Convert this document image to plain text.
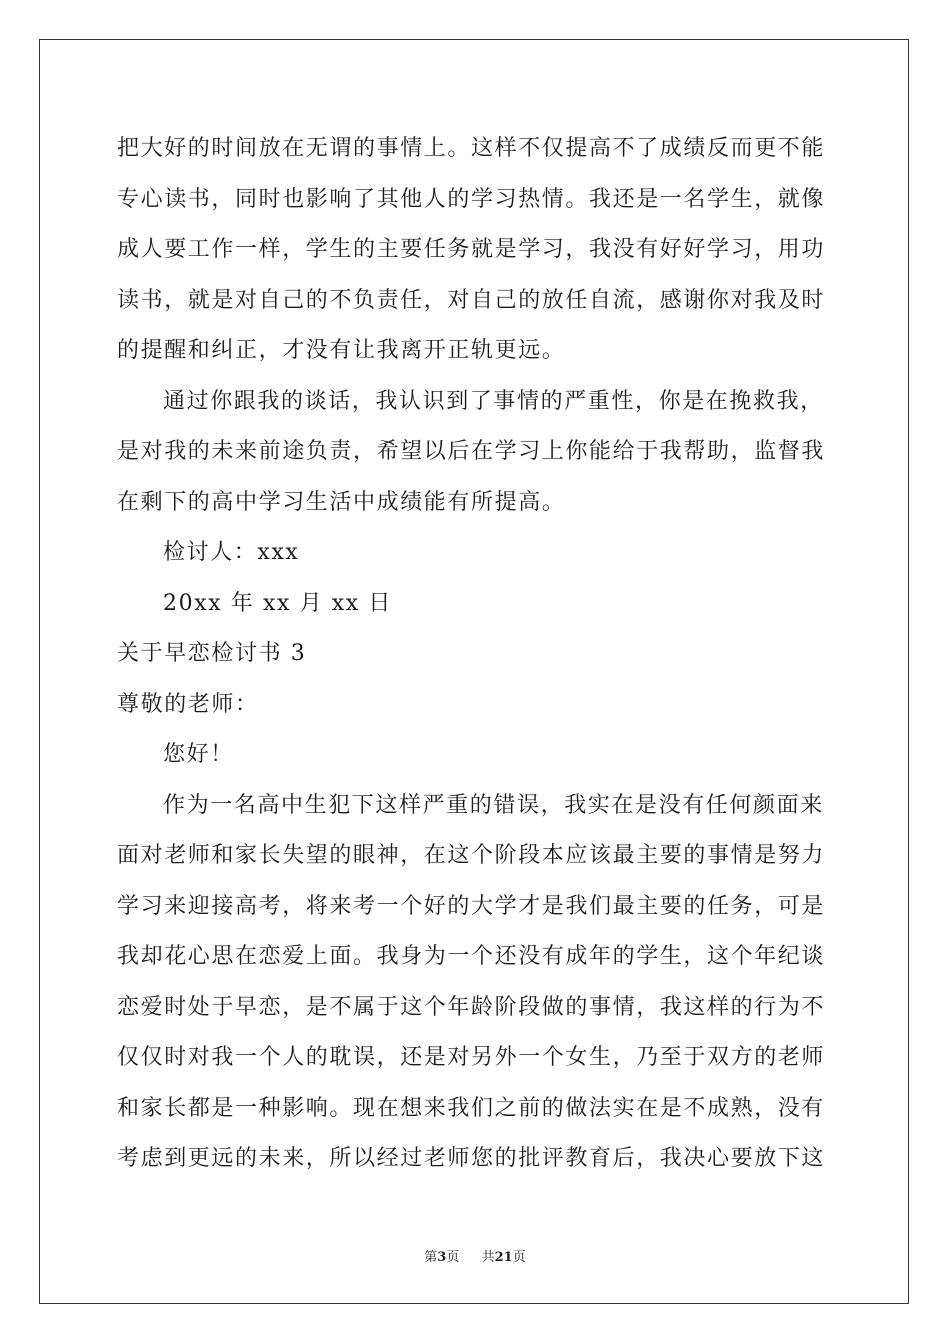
把大好的时间放在无谓的事情上。这样不仅提高不了成绩反而更不能
专心读书，同时也影响了其他人的学习热情。我还是一名学生，就像
成人要工作一样，学生的主要任务就是学习，我没有好好学习，用功
读书，就是对自己的不负责任，对自己的放任自流，感谢你对我及时
的提醒和纠正，才没有让我离开正轨更远。
通过你跟我的谈话，我认识到了事情的严重性，你是在挽救我，
是对我的未来前途负责，希望以后在学习上你能给于我帮助，监督我
在剩下的高中学习生活中成绩能有所提高。
检讨人：xxx
20xx 年 xx 月 xx 日
关于早恋检讨书 3
尊敬的老师：
您好！
作为一名高中生犯下这样严重的错误，我实在是没有任何颜面来
面对老师和家长失望的眼神，在这个阶段本应该最主要的事情是努力
学习来迎接高考，将来考一个好的大学才是我们最主要的任务，可是
我却花心思在恋爱上面。我身为一个还没有成年的学生，这个年纪谈
恋爱时处于早恋，是不属于这个年龄阶段做的事情，我这样的行为不
仅仅时对我一个人的耽误，还是对另外一个女生，乃至于双方的老师
和家长都是一种影响。现在想来我们之前的做法实在是不成熟，没有
考虑到更远的未来，所以经过老师您的批评教育后，我决心要放下这
第3页 共21页
